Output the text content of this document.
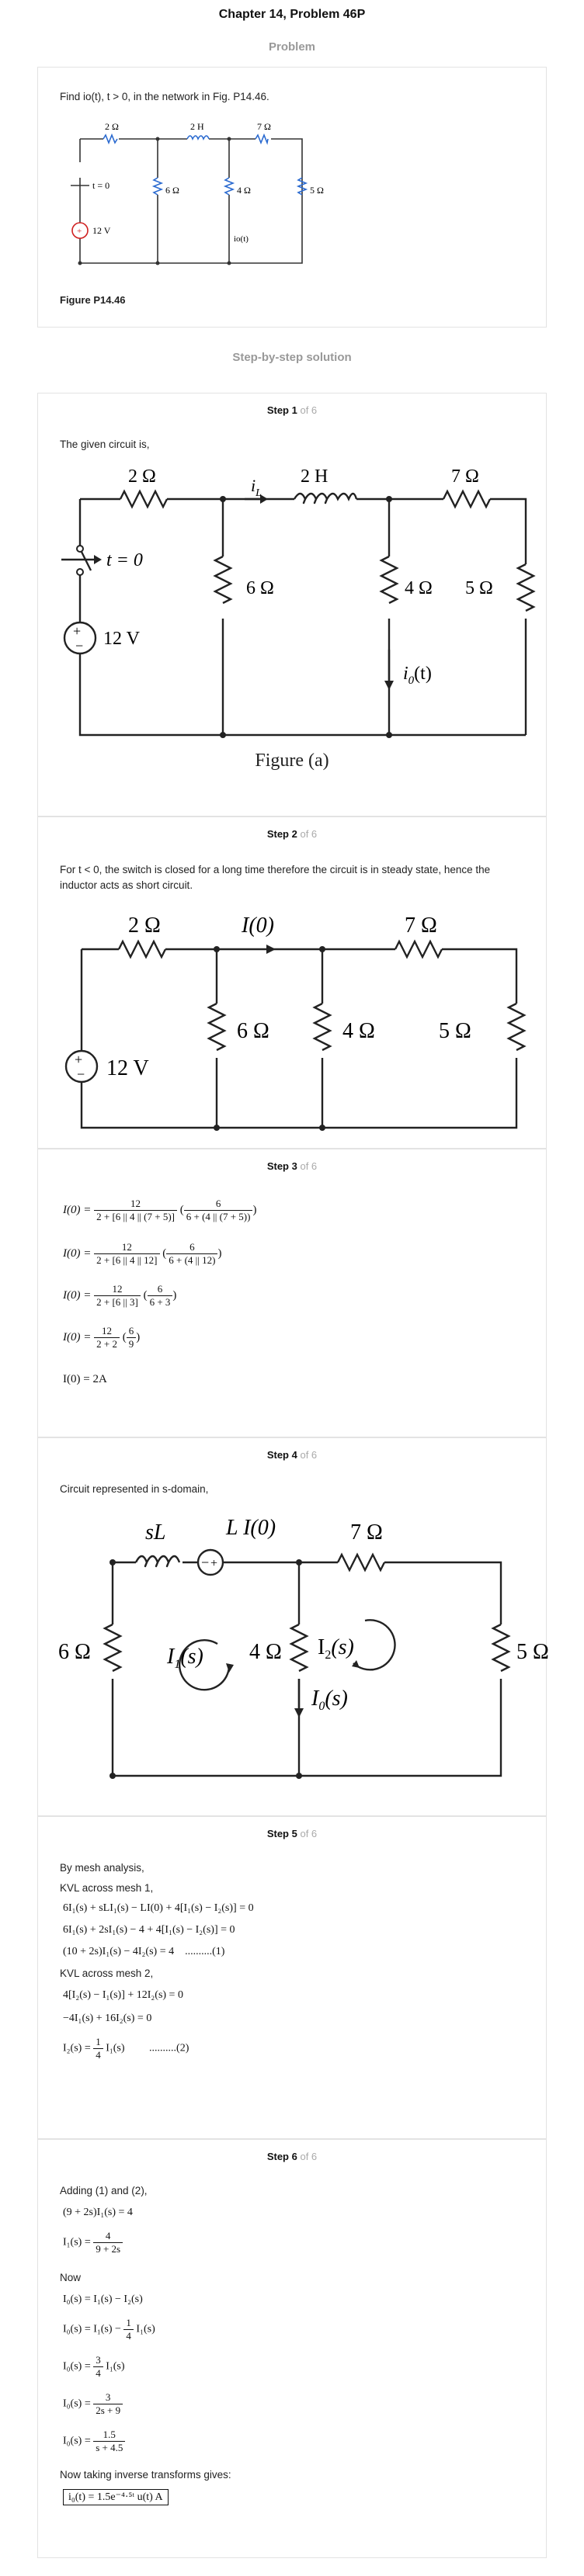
Chapter 14, Problem 46P
Problem
Find io(t), t > 0, in the network in Fig. P14.46.
+
2 Ω	2 H	7 Ω
6 Ω	4 Ω	5 Ω
t = 0
12 V
io(t)
Figure P14.46
Step-by-step solution
Step 1 of 6
The given circuit is,
+
−
2 Ω	2 H	7 Ω
6 Ω	4 Ω 5 Ω
t = 0
12 V
$i_L$
$i_0(t)$
Figure (a)
Step 2 of 6
For t < 0, the switch is closed for a long time therefore the circuit is in steady state, hence the inductor acts as short circuit.
+
−
2 Ω	I(0)	7 Ω
6 Ω	4 Ω	5 Ω
12 V
Step 3 of 6
$I(0) = \frac{12}{2 + [6 || 4 || (7 + 5)]}$ ( $\frac{6}{6 + (4 || (7 + 5))}$ )
$I(0) = \frac{12}{2 + [6 || 4 || 12]}$ ( $\frac{6}{6 + (4 || 12)}$ )
$I(0) = \frac{12}{2 + [6 || 3]}$ ( $\frac{6}{6 + 3}$ )
$I(0) = \frac{12}{2 + 2}$ ( $\frac{6}{9}$ )
I(0) = 2A
Step 4 of 6
Circuit represented in s-domain,
− +
sL	L I(0)	7 Ω
6 Ω	4 Ω	5 Ω
$I_1(s)$	$I_2(s)$
$I_0(s)$
Step 5 of 6
By mesh analysis,
KVL across mesh 1,
6I₁(s) + sLI₁(s) − LI(0) + 4[I₁(s) − I₂(s)] = 0
6I₁(s) + 2sI₁(s) − 4 + 4[I₁(s) − I₂(s)] = 0
(10 + 2s)I₁(s) − 4I₂(s) = 4 ..........(1)
KVL across mesh 2,
4[I₂(s) − I₁(s)] + 12I₂(s) = 0
−4I₁(s) + 16I₂(s) = 0
$I_2(s) = \frac{1}{4} I_1(s)$ ..........(2)
Step 6 of 6
Adding (1) and (2),
(9 + 2s)I₁(s) = 4
$I_1(s) = \frac{4}{9 + 2s}$
Now
I₀(s) = I₁(s) − I₂(s)
$I_0(s) = I_1(s) - \frac{1}{4} I_1(s)$
$I_0(s) = \frac{3}{4} I_1(s)$
$I_0(s) = \frac{3}{2s + 9}$
$I_0(s) = \frac{1.5}{s + 4.5}$
Now taking inverse transforms gives:
i₀(t) = 1.5e⁻⁴·⁵ᵗ u(t) A
